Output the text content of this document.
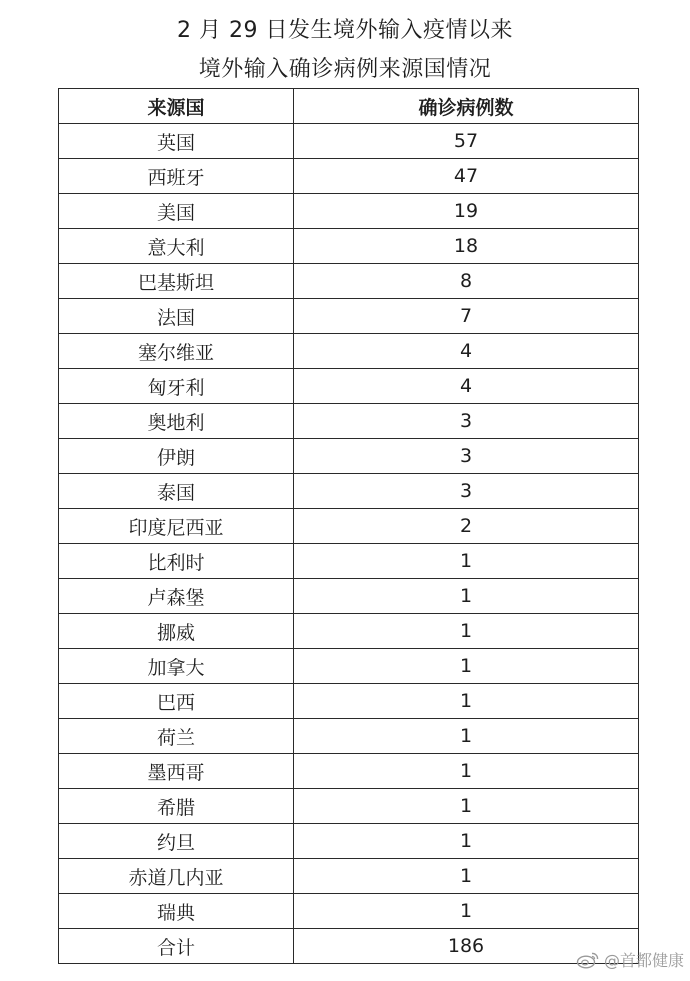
2 月 29 日发生境外输入疫情以来
境外输入确诊病例来源国情况
来源国	确诊病例数
英国	57
西班牙	47
美国	19
意大利	18
巴基斯坦	8
法国	7
塞尔维亚	4
匈牙利	4
奥地利	3
伊朗	3
泰国	3
印度尼西亚	2
比利时	1
卢森堡	1
挪威	1
加拿大	1
巴西	1
荷兰	1
墨西哥	1
希腊	1
约旦	1
赤道几内亚	1
瑞典	1
合计	186
@首都健康
